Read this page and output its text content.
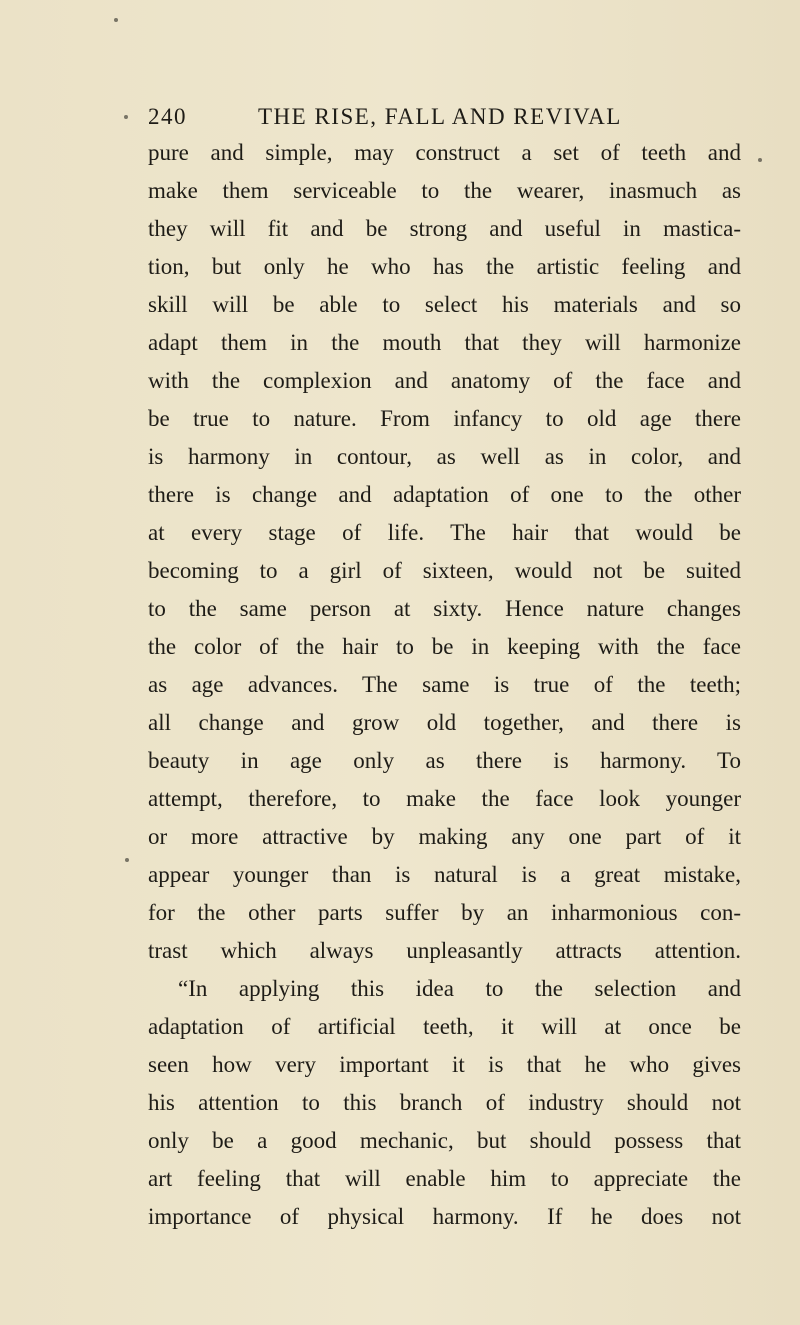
240	THE RISE, FALL AND REVIVAL
pure and simple, may construct a set of teeth and
make them serviceable to the wearer, inasmuch as
they will fit and be strong and useful in mastica-
tion, but only he who has the artistic feeling and
skill will be able to select his materials and so
adapt them in the mouth that they will harmonize
with the complexion and anatomy of the face and
be true to nature. From infancy to old age there
is harmony in contour, as well as in color, and
there is change and adaptation of one to the other
at every stage of life. The hair that would be
becoming to a girl of sixteen, would not be suited
to the same person at sixty. Hence nature changes
the color of the hair to be in keeping with the face
as age advances. The same is true of the teeth;
all change and grow old together, and there is
beauty in age only as there is harmony. To
attempt, therefore, to make the face look younger
or more attractive by making any one part of it
appear younger than is natural is a great mistake,
for the other parts suffer by an inharmonious con-
trast which always unpleasantly attracts attention.
“In applying this idea to the selection and
adaptation of artificial teeth, it will at once be
seen how very important it is that he who gives
his attention to this branch of industry should not
only be a good mechanic, but should possess that
art feeling that will enable him to appreciate the
importance of physical harmony. If he does not
